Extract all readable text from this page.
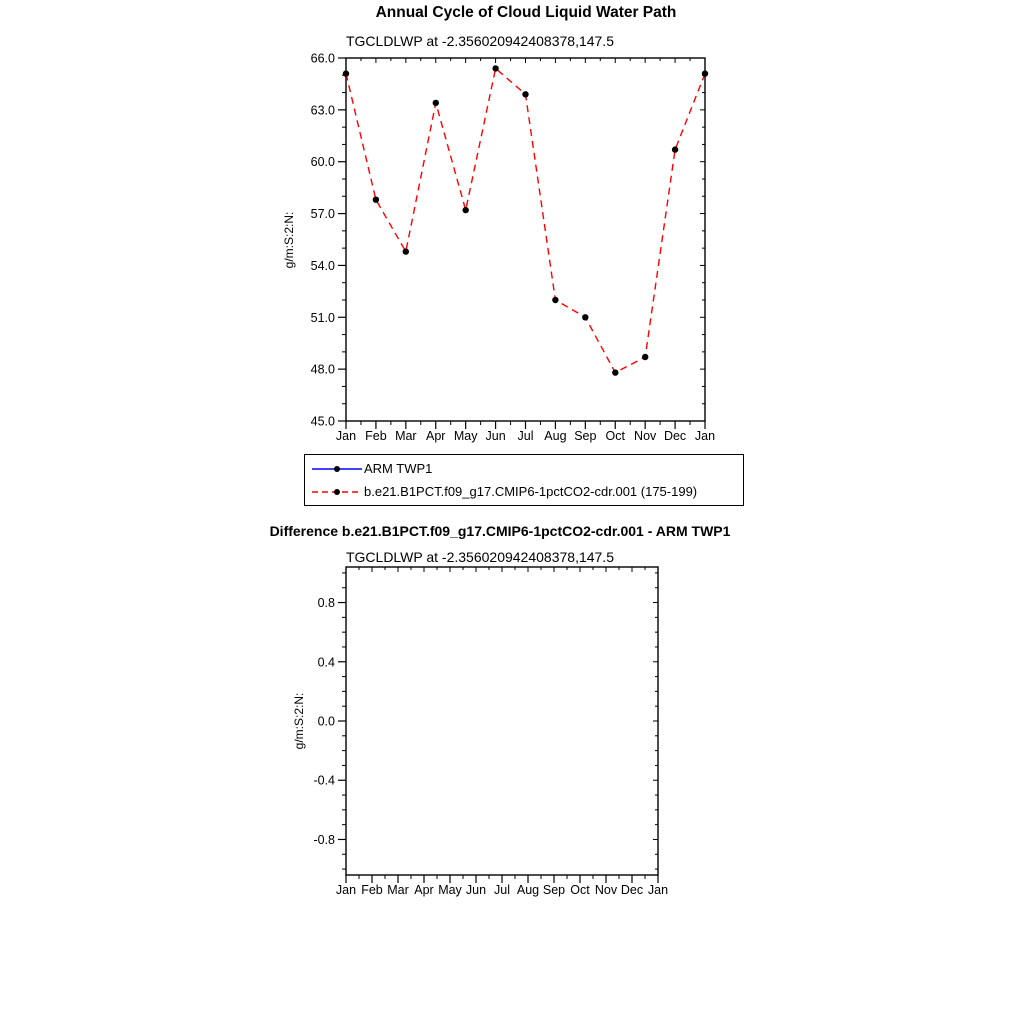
45.0
48.0
51.0
54.0
57.0
60.0
63.0
66.0
Jan Feb Mar Apr May Jun Jul Aug Sep Oct Nov Dec Jan
-0.8
-0.4
0.0
0.4
0.8
Jan Feb Mar Apr May Jun Jul Aug Sep Oct Nov Dec Jan
Annual Cycle of Cloud Liquid Water Path
TGCLDLWP at -2.356020942408378,147.5
g/m:S:2:N:
ARM TWP1
b.e21.B1PCT.f09_g17.CMIP6-1pctCO2-cdr.001 (175-199)
Difference b.e21.B1PCT.f09_g17.CMIP6-1pctCO2-cdr.001 - ARM TWP1
TGCLDLWP at -2.356020942408378,147.5
g/m:S:2:N:
